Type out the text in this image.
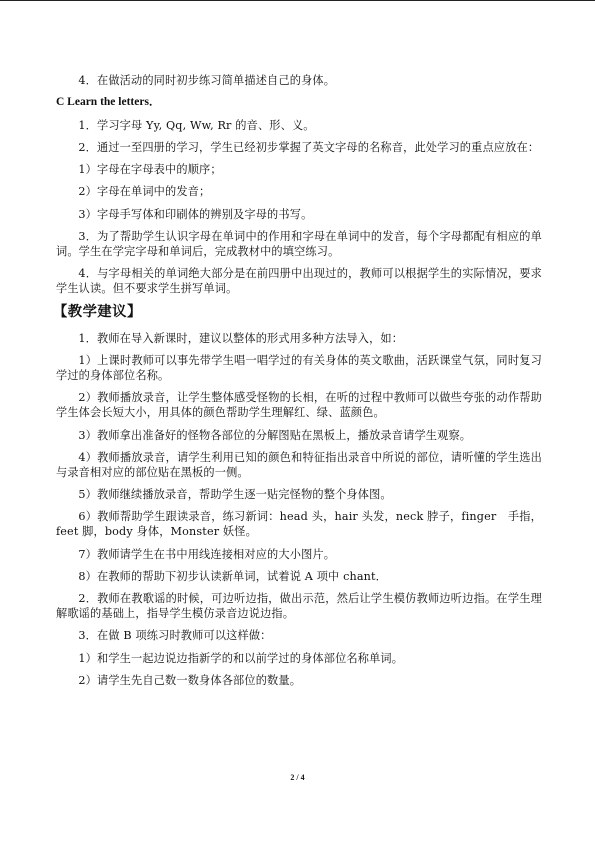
4．在做活动的同时初步练习简单描述自己的身体。

C Learn the letters．

1．学习字母 Yy, Qq, Ww, Rr 的音、形、义。

2．通过一至四册的学习，学生已经初步掌握了英文字母的名称音，此处学习的重点应放在：

1）字母在字母表中的顺序；

2）字母在单词中的发音；

3）字母手写体和印刷体的辨别及字母的书写。

3．为了帮助学生认识字母在单词中的作用和字母在单词中的发音，每个字母都配有相应的单词。学生在学完字母和单词后，完成教材中的填空练习。

4．与字母相关的单词绝大部分是在前四册中出现过的，教师可以根据学生的实际情况，要求学生认读。但不要求学生拼写单词。

【教学建议】

1．教师在导入新课时，建议以整体的形式用多种方法导入，如：

1）上课时教师可以事先带学生唱一唱学过的有关身体的英文歌曲，活跃课堂气氛，同时复习学过的身体部位名称。

2）教师播放录音，让学生整体感受怪物的长相，在听的过程中教师可以做些夸张的动作帮助学生体会长短大小，用具体的颜色帮助学生理解红、绿、蓝颜色。

3）教师拿出准备好的怪物各部位的分解图贴在黑板上，播放录音请学生观察。

4）教师播放录音，请学生利用已知的颜色和特征指出录音中所说的部位，请听懂的学生选出与录音相对应的部位贴在黑板的一侧。

5）教师继续播放录音，帮助学生逐一贴完怪物的整个身体图。

6）教师帮助学生跟读录音，练习新词：head 头，hair 头发，neck 脖子，finger　手指，feet 脚，body 身体，Monster 妖怪。

7）教师请学生在书中用线连接相对应的大小图片。

8）在教师的帮助下初步认读新单词，试着说 A 项中 chant．

2．教师在教歌谣的时候，可边听边指，做出示范，然后让学生模仿教师边听边指。在学生理解歌谣的基础上，指导学生模仿录音边说边指。

3．在做 B 项练习时教师可以这样做：

1）和学生一起边说边指新学的和以前学过的身体部位名称单词。

2）请学生先自己数一数身体各部位的数量。

2 / 4
